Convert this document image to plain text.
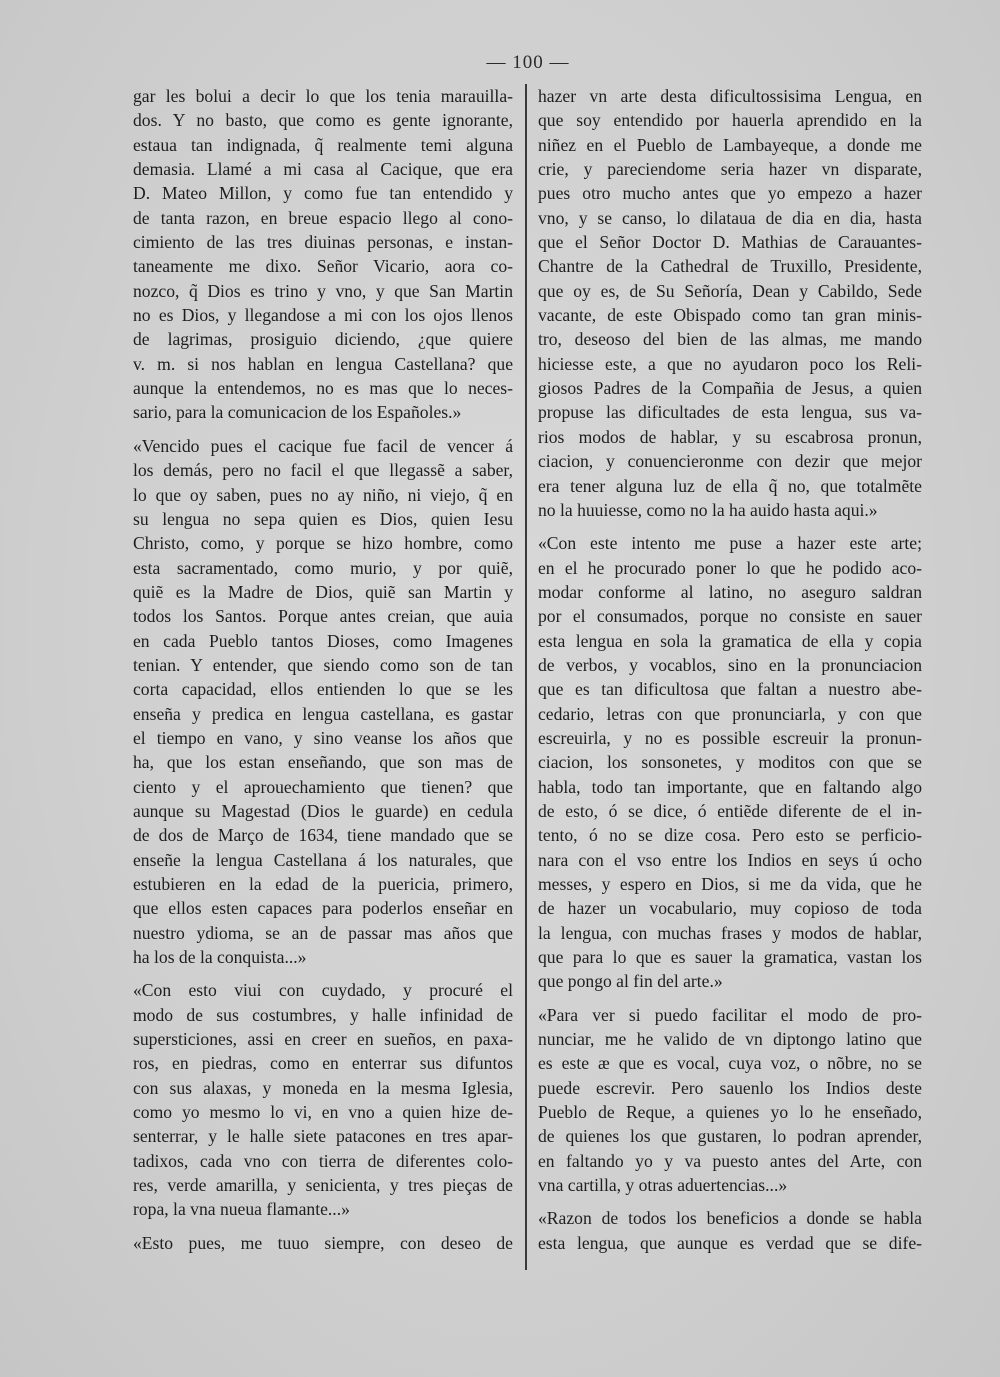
— 100 —
gar les bolui a decir lo que los tenia marauilla-
dos. Y no basto, que como es gente ignorante,
estaua tan indignada, q̃ realmente temi alguna
demasia. Llamé a mi casa al Cacique, que era
D. Mateo Millon, y como fue tan entendido y
de tanta razon, en breue espacio llego al cono-
cimiento de las tres diuinas personas, e instan-
taneamente me dixo. Señor Vicario, aora co-
nozco, q̃ Dios es trino y vno, y que San Martin
no es Dios, y llegandose a mi con los ojos llenos
de lagrimas, prosiguio diciendo, ¿que quiere
v. m. si nos hablan en lengua Castellana? que
aunque la entendemos, no es mas que lo neces-
sario, para la comunicacion de los Españoles.»
«Vencido pues el cacique fue facil de vencer á
los demás, pero no facil el que llegassẽ a saber,
lo que oy saben, pues no ay niño, ni viejo, q̃ en
su lengua no sepa quien es Dios, quien Iesu
Christo, como, y porque se hizo hombre, como
esta sacramentado, como murio, y por quiẽ,
quiẽ es la Madre de Dios, quiẽ san Martin y
todos los Santos. Porque antes creian, que auia
en cada Pueblo tantos Dioses, como Imagenes
tenian. Y entender, que siendo como son de tan
corta capacidad, ellos entienden lo que se les
enseña y predica en lengua castellana, es gastar
el tiempo en vano, y sino veanse los años que
ha, que los estan enseñando, que son mas de
ciento y el aprouechamiento que tienen? que
aunque su Magestad (Dios le guarde) en cedula
de dos de Março de 1634, tiene mandado que se
enseñe la lengua Castellana á los naturales, que
estubieren en la edad de la puericia, primero,
que ellos esten capaces para poderlos enseñar en
nuestro ydioma, se an de passar mas años que
ha los de la conquista...»
«Con esto viui con cuydado, y procuré el
modo de sus costumbres, y halle infinidad de
supersticiones, assi en creer en sueños, en paxa-
ros, en piedras, como en enterrar sus difuntos
con sus alaxas, y moneda en la mesma Iglesia,
como yo mesmo lo vi, en vno a quien hize de-
senterrar, y le halle siete patacones en tres apar-
tadixos, cada vno con tierra de diferentes colo-
res, verde amarilla, y senicienta, y tres pieças de
ropa, la vna nueua flamante...»
«Esto pues, me tuuo siempre, con deseo de
hazer vn arte desta dificultossisima Lengua, en
que soy entendido por hauerla aprendido en la
niñez en el Pueblo de Lambayeque, a donde me
crie, y pareciendome seria hazer vn disparate,
pues otro mucho antes que yo empezo a hazer
vno, y se canso, lo dilataua de dia en dia, hasta
que el Señor Doctor D. Mathias de Carauantes-
Chantre de la Cathedral de Truxillo, Presidente,
que oy es, de Su Señoría, Dean y Cabildo, Sede
vacante, de este Obispado como tan gran minis-
tro, deseoso del bien de las almas, me mando
hiciesse este, a que no ayudaron poco los Reli-
giosos Padres de la Compañia de Jesus, a quien
propuse las dificultades de esta lengua, sus va-
rios modos de hablar, y su escabrosa pronun,
ciacion, y conuencieronme con dezir que mejor
era tener alguna luz de ella q̃ no, que totalmẽte
no la huuiesse, como no la ha auido hasta aqui.»
«Con este intento me puse a hazer este arte;
en el he procurado poner lo que he podido aco-
modar conforme al latino, no aseguro saldran
por el consumados, porque no consiste en sauer
esta lengua en sola la gramatica de ella y copia
de verbos, y vocablos, sino en la pronunciacion
que es tan dificultosa que faltan a nuestro abe-
cedario, letras con que pronunciarla, y con que
escreuirla, y no es possible escreuir la pronun-
ciacion, los sonsonetes, y moditos con que se
habla, todo tan importante, que en faltando algo
de esto, ó se dice, ó entiẽde diferente de el in-
tento, ó no se dize cosa. Pero esto se perficio-
nara con el vso entre los Indios en seys ú ocho
messes, y espero en Dios, si me da vida, que he
de hazer un vocabulario, muy copioso de toda
la lengua, con muchas frases y modos de hablar,
que para lo que es sauer la gramatica, vastan los
que pongo al fin del arte.»
«Para ver si puedo facilitar el modo de pro-
nunciar, me he valido de vn diptongo latino que
es este æ que es vocal, cuya voz, o nõbre, no se
puede escrevir. Pero sauenlo los Indios deste
Pueblo de Reque, a quienes yo lo he enseñado,
de quienes los que gustaren, lo podran aprender,
en faltando yo y va puesto antes del Arte, con
vna cartilla, y otras aduertencias...»
«Razon de todos los beneficios a donde se habla
esta lengua, que aunque es verdad que se dife-
